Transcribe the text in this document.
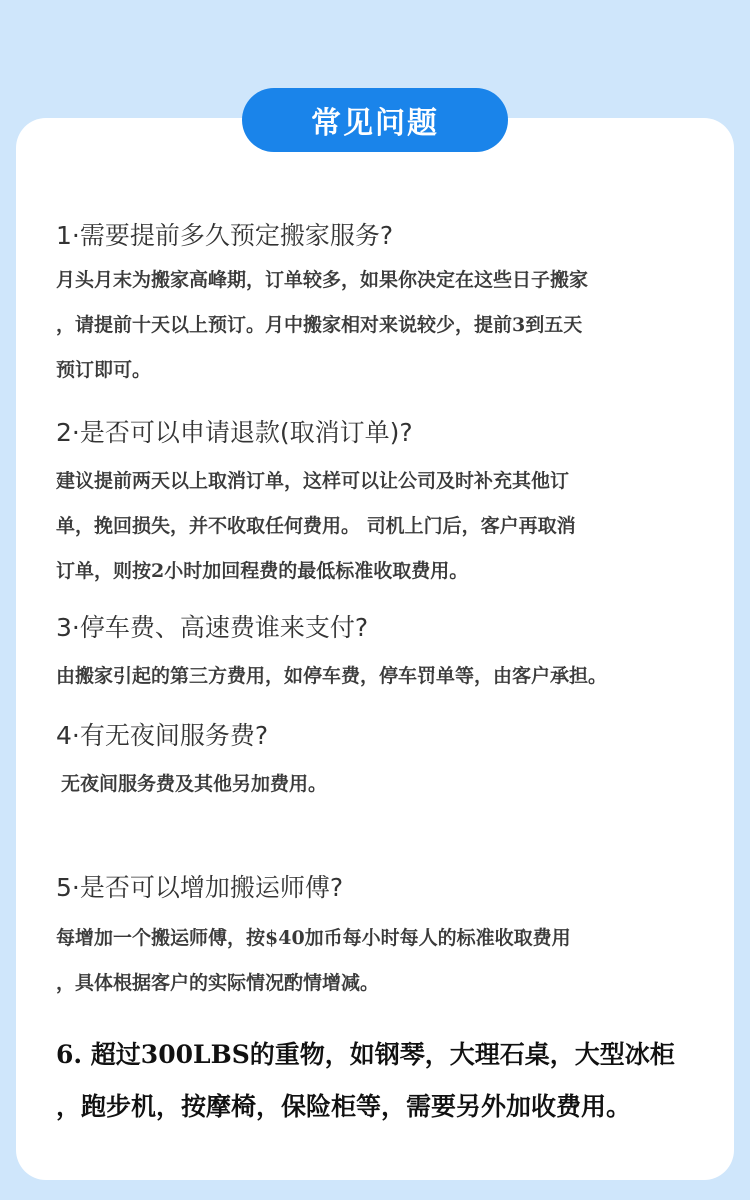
常见问题
1·需要提前多久预定搬家服务?
月头月末为搬家高峰期，订单较多，如果你决定在这些日子搬家
，请提前十天以上预订。月中搬家相对来说较少，提前3到五天
预订即可。
2·是否可以申请退款(取消订单)?
建议提前两天以上取消订单，这样可以让公司及时补充其他订
单，挽回损失，并不收取任何费用。 司机上门后，客户再取消
订单，则按2小时加回程费的最低标准收取费用。
3·停车费、高速费谁来支付?
由搬家引起的第三方费用，如停车费，停车罚单等，由客户承担。
4·有无夜间服务费?
无夜间服务费及其他另加费用。
5·是否可以增加搬运师傅?
每增加一个搬运师傅，按$40加币每小时每人的标准收取费用
，具体根据客户的实际情况酌情增减。
6. 超过300LBS的重物，如钢琴，大理石桌，大型冰柜
，跑步机，按摩椅，保险柜等，需要另外加收费用。
